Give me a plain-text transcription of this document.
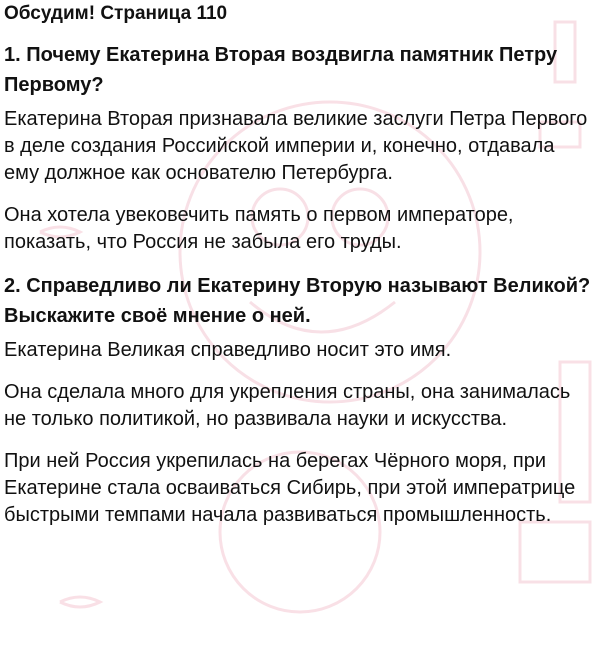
Обсудим! Страница 110
1. Почему Екатерина Вторая воздвигла памятник Петру Первому?

Екатерина Вторая признавала великие заслуги Петра Первого в деле создания Российской империи и, конечно, отдавала ему должное как основателю Петербурга.

Она хотела увековечить память о первом императоре, показать, что Россия не забыла его труды.

2. Справедливо ли Екатерину Вторую называют Великой? Выскажите своё мнение о ней.

Екатерина Великая справедливо носит это имя.

Она сделала много для укрепления страны, она занималась не только политикой, но развивала науки и искусства.

При ней Россия укрепилась на берегах Чёрного моря, при Екатерине стала осваиваться Сибирь, при этой императрице быстрыми темпами начала развиваться промышленность.
